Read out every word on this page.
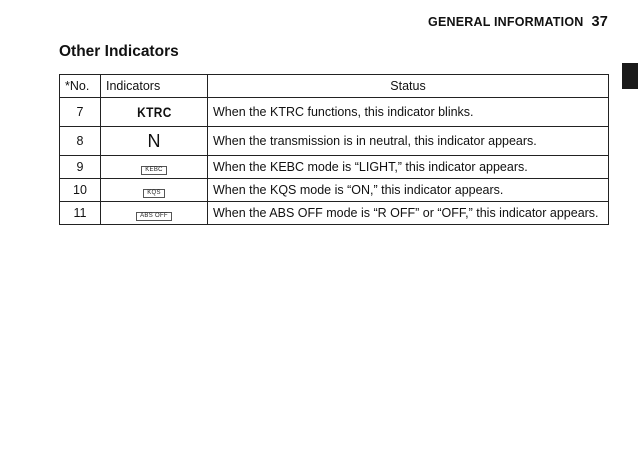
GENERAL INFORMATION 37
Other Indicators
*No.	Indicators	Status
7	KTRC	When the KTRC functions, this indicator blinks.
8	N	When the transmission is in neutral, this indicator appears.
9	KEBC	When the KEBC mode is “LIGHT,” this indicator appears.
10	KQS	When the KQS mode is “ON,” this indicator appears.
11	ABS OFF	When the ABS OFF mode is “R OFF” or “OFF,” this indicator appears.
